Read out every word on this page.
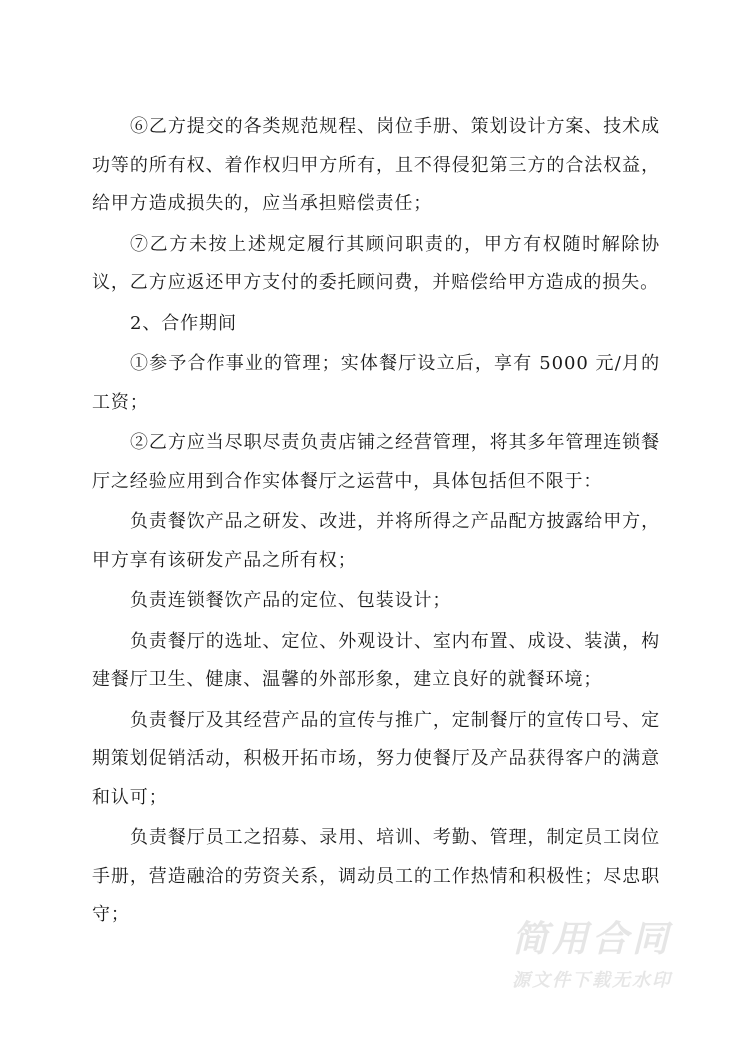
⑥乙方提交的各类规范规程、岗位手册、策划设计方案、技术成功等的所有权、着作权归甲方所有，且不得侵犯第三方的合法权益，给甲方造成损失的，应当承担赔偿责任；

⑦乙方未按上述规定履行其顾问职责的，甲方有权随时解除协议，乙方应返还甲方支付的委托顾问费，并赔偿给甲方造成的损失。

2、合作期间

①参予合作事业的管理；实体餐厅设立后，享有 5000 元/月的工资；

②乙方应当尽职尽责负责店铺之经营管理，将其多年管理连锁餐厅之经验应用到合作实体餐厅之运营中，具体包括但不限于：

负责餐饮产品之研发、改进，并将所得之产品配方披露给甲方，甲方享有该研发产品之所有权；

负责连锁餐饮产品的定位、包装设计；

负责餐厅的选址、定位、外观设计、室内布置、成设、装潢，构建餐厅卫生、健康、温馨的外部形象，建立良好的就餐环境；

负责餐厅及其经营产品的宣传与推广，定制餐厅的宣传口号、定期策划促销活动，积极开拓市场，努力使餐厅及产品获得客户的满意和认可；

负责餐厅员工之招募、录用、培训、考勤、管理，制定员工岗位手册，营造融洽的劳资关系，调动员工的工作热情和积极性；尽忠职守；

简用合同
源文件下载无水印
